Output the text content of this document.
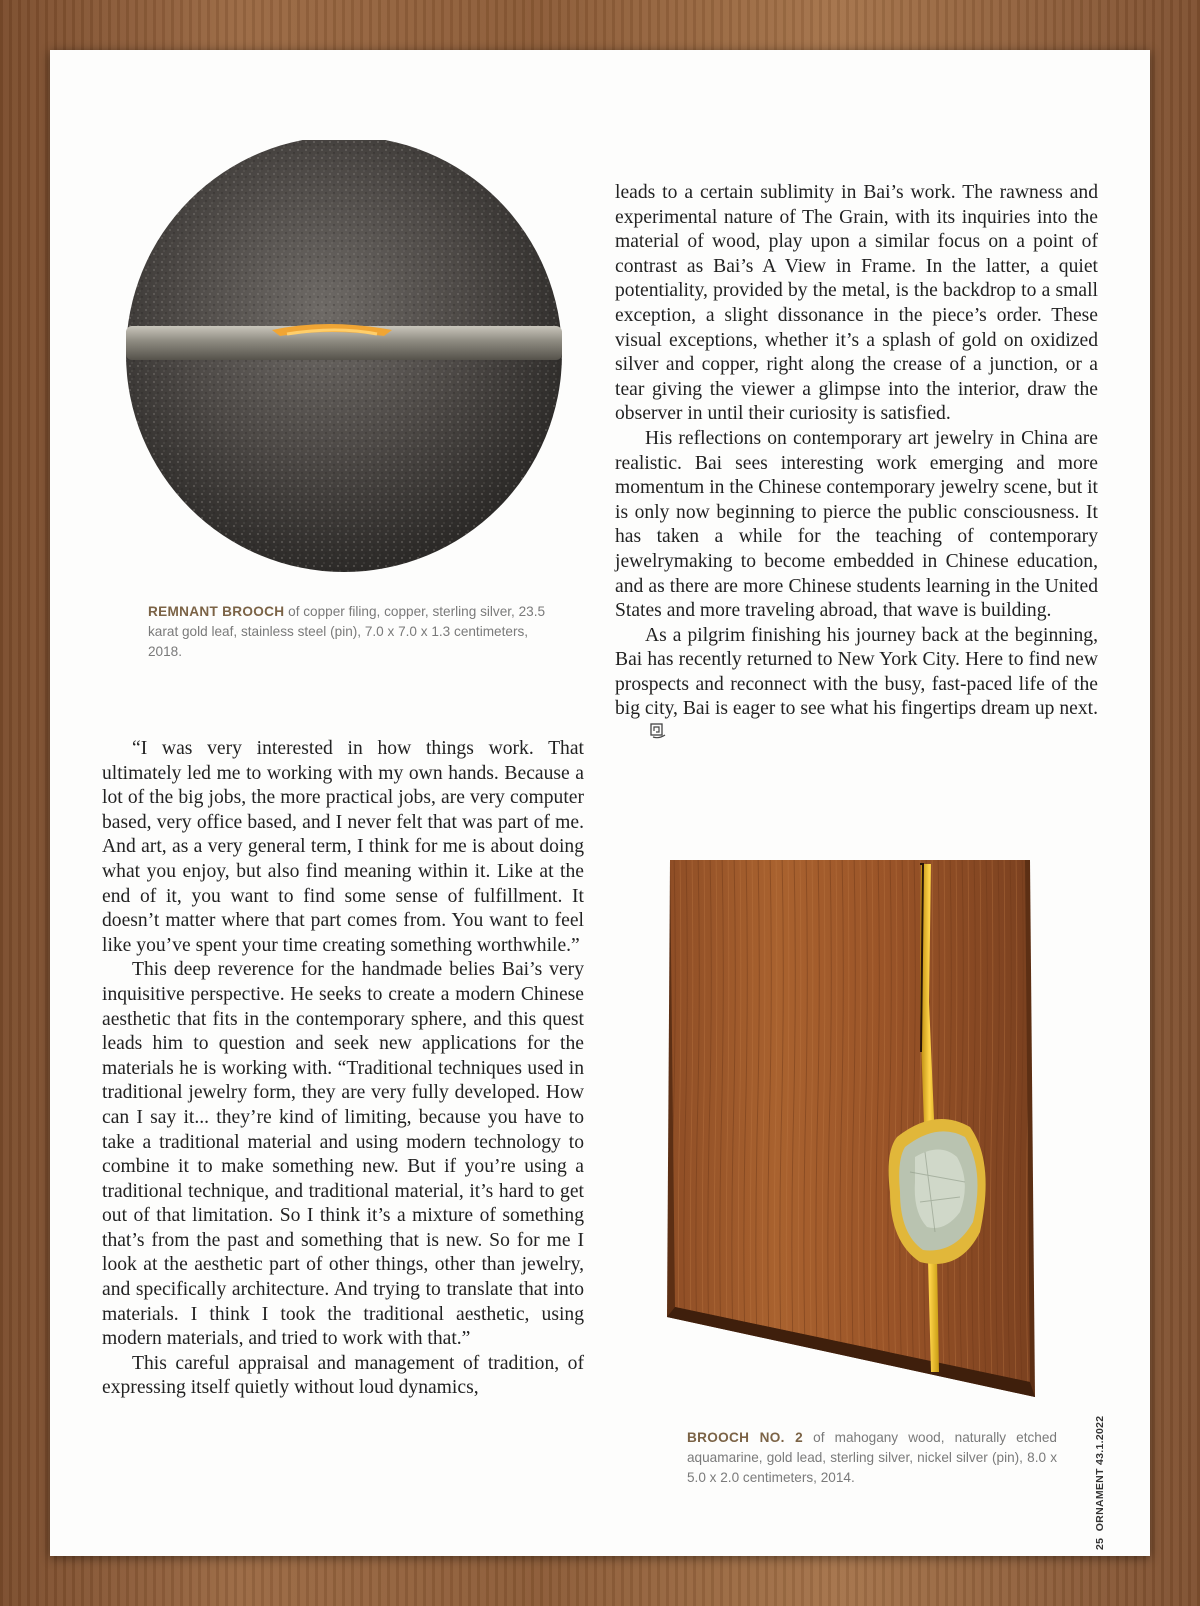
REMNANT BROOCH of copper filing, copper, sterling silver, 23.5 karat gold leaf, stainless steel (pin), 7.0 x 7.0 x 1.3 centimeters, 2018.

“I was very interested in how things work. That ultimately led me to working with my own hands. Because a lot of the big jobs, the more practical jobs, are very computer based, very office based, and I never felt that was part of me. And art, as a very general term, I think for me is about doing what you enjoy, but also find meaning within it. Like at the end of it, you want to find some sense of fulfillment. It doesn’t matter where that part comes from. You want to feel like you’ve spent your time creating something worthwhile.”

This deep reverence for the handmade belies Bai’s very inquisitive perspective. He seeks to create a modern Chinese aesthetic that fits in the contemporary sphere, and this quest leads him to question and seek new applications for the materials he is working with. “Traditional techniques used in traditional jewelry form, they are very fully developed. How can I say it... they’re kind of limiting, because you have to take a traditional material and using modern technology to combine it to make something new. But if you’re using a traditional technique, and traditional material, it’s hard to get out of that limitation. So I think it’s a mixture of something that’s from the past and something that is new. So for me I look at the aesthetic part of other things, other than jewelry, and specifically architecture. And trying to translate that into materials. I think I took the traditional aesthetic, using modern materials, and tried to work with that.”

This careful appraisal and management of tradition, of expressing itself quietly without loud dynamics,

leads to a certain sublimity in Bai’s work. The rawness and experimental nature of The Grain, with its inquiries into the material of wood, play upon a similar focus on a point of contrast as Bai’s A View in Frame. In the latter, a quiet potentiality, provided by the metal, is the backdrop to a small exception, a slight dissonance in the piece’s order. These visual exceptions, whether it’s a splash of gold on oxidized silver and copper, right along the crease of a junction, or a tear giving the viewer a glimpse into the interior, draw the observer in until their curiosity is satisfied.

His reflections on contemporary art jewelry in China are realistic. Bai sees interesting work emerging and more momentum in the Chinese contemporary jewelry scene, but it is only now beginning to pierce the public consciousness. It has taken a while for the teaching of contemporary jewelrymaking to become embedded in Chinese education, and as there are more Chinese students learning in the United States and more traveling abroad, that wave is building.

As a pilgrim finishing his journey back at the beginning, Bai has recently returned to New York City. Here to find new prospects and reconnect with the busy, fast-paced life of the big city, Bai is eager to see what his fingertips dream up next.

BROOCH NO. 2 of mahogany wood, naturally etched aquamarine, gold lead, sterling silver, nickel silver (pin), 8.0 x 5.0 x 2.0 centimeters, 2014.

25  ORNAMENT 43.1.2022
